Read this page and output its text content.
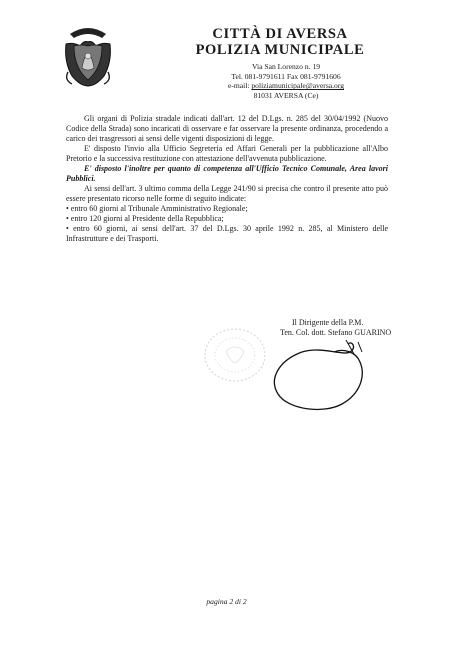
CITTÀ DI AVERSA
POLIZIA MUNICIPALE
Via San Lorenzo n. 19
Tel. 081-9791611 Fax 081-9791606
e-mail: poliziamunicipale@aversa.org
81031 AVERSA (Ce)

Gli organi di Polizia stradale indicati dall'art. 12 del D.Lgs. n. 285 del 30/04/1992 (Nuovo Codice della Strada) sono incaricati di osservare e far osservare la presente ordinanza, procedendo a carico dei trasgressori ai sensi delle vigenti disposizioni di legge.

E' disposto l'invio alla Ufficio Segreteria ed Affari Generali per la pubblicazione all'Albo Pretorio e la successiva restituzione con attestazione dell'avvenuta pubblicazione.

E' disposto l'inoltre per quanto di competenza all'Ufficio Tecnico Comunale, Area lavori Pubblici.

Ai sensi dell'art. 3 ultimo comma della Legge 241/90 si precisa che contro il presente atto può essere presentato ricorso nelle forme di seguito indicate:

• entro 60 giorni al Tribunale Amministrativo Regionale;
• entro 120 giorni al Presidente della Repubblica;
• entro 60 giorni, ai sensi dell'art. 37 del D.Lgs. 30 aprile 1992 n. 285, al Ministero delle Infrastrutture e dei Trasporti.
Il Dirigente della P.M.
Ten. Col. dott. Stefano GUARINO
pagina 2 di 2
